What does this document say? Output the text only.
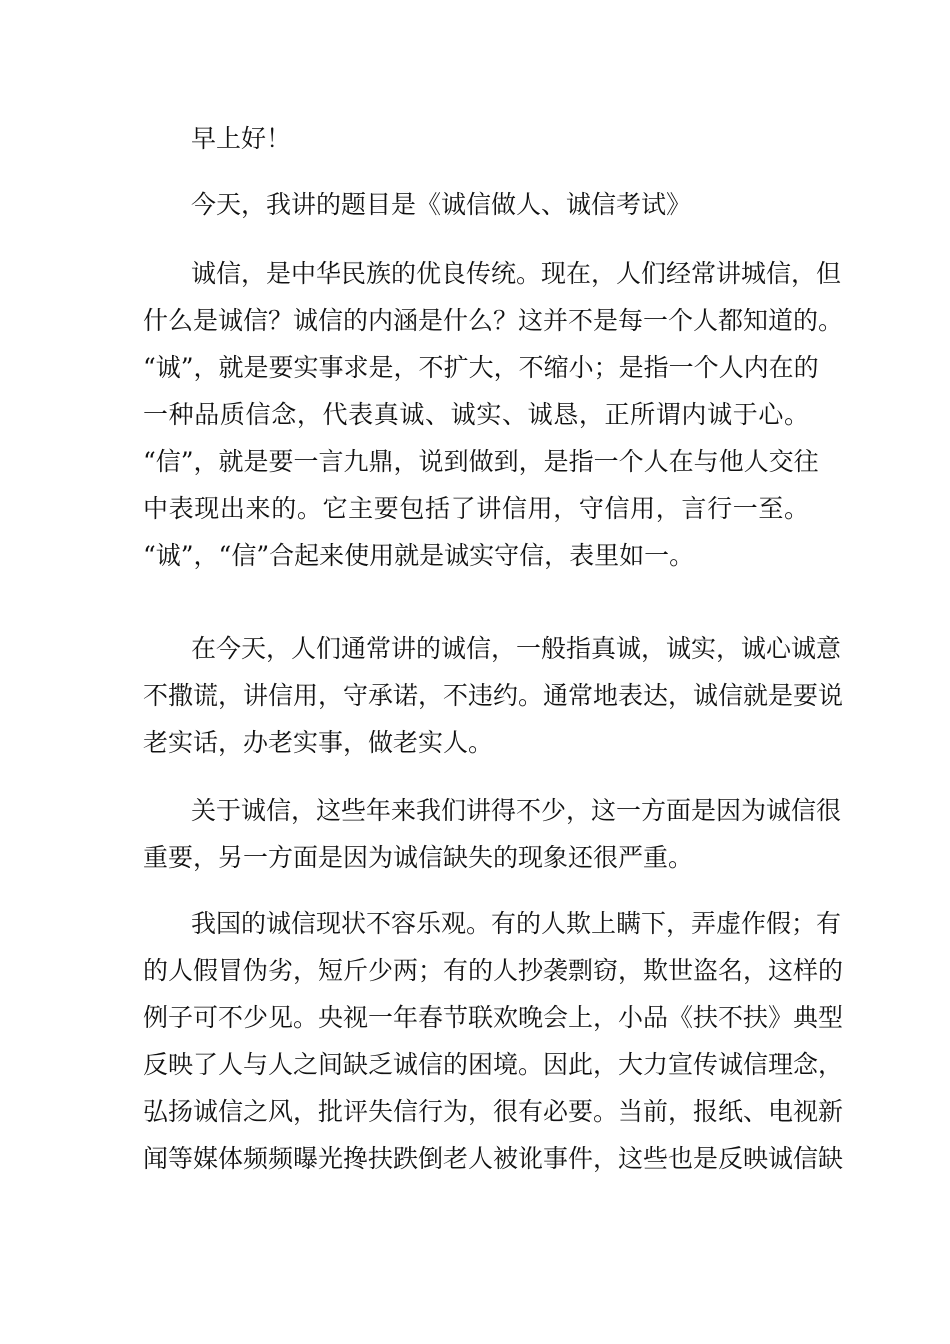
早上好！
今天，我讲的题目是《诚信做人、诚信考试》
诚信，是中华民族的优良传统。现在，人们经常讲城信，但
什么是诚信？诚信的内涵是什么？这并不是每一个人都知道的。
“诚”，就是要实事求是，不扩大，不缩小；是指一个人内在的
一种品质信念，代表真诚、诚实、诚恳，正所谓内诚于心。
“信”，就是要一言九鼎，说到做到，是指一个人在与他人交往
中表现出来的。它主要包括了讲信用，守信用，言行一至。
“诚”，“信”合起来使用就是诚实守信，表里如一。
在今天，人们通常讲的诚信，一般指真诚，诚实，诚心诚意
不撒谎，讲信用，守承诺，不违约。通常地表达，诚信就是要说
老实话，办老实事，做老实人。
关于诚信，这些年来我们讲得不少，这一方面是因为诚信很
重要，另一方面是因为诚信缺失的现象还很严重。
我国的诚信现状不容乐观。有的人欺上瞒下，弄虚作假；有
的人假冒伪劣，短斤少两；有的人抄袭剽窃，欺世盗名，这样的
例子可不少见。央视一年春节联欢晚会上，小品《扶不扶》典型
反映了人与人之间缺乏诚信的困境。因此，大力宣传诚信理念，
弘扬诚信之风，批评失信行为，很有必要。当前，报纸、电视新
闻等媒体频频曝光搀扶跌倒老人被讹事件，这些也是反映诚信缺
